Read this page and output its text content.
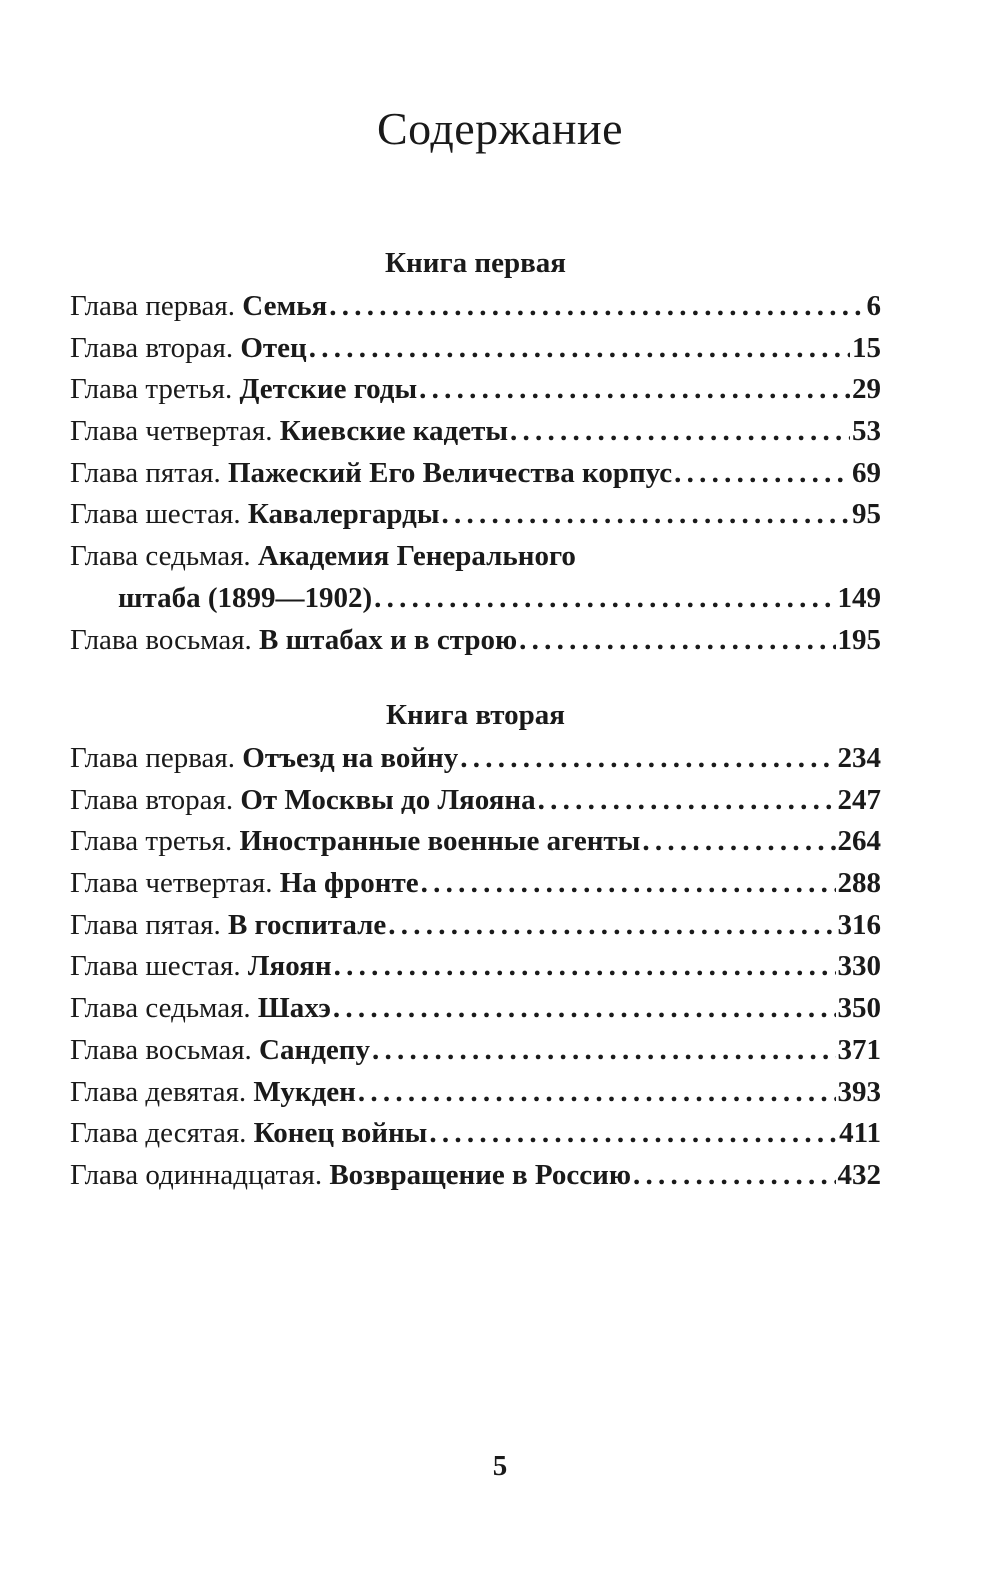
Содержание
Книга первая
Глава первая. Семья . . .	6
Глава вторая. Отец . . .	15
Глава третья. Детские годы . . .	29
Глава четвертая. Киевские кадеты . . .	53
Глава пятая. Пажеский Его Величества корпус . . .	69
Глава шестая. Кавалергарды . . .	95
Глава седьмая. Академия Генерального
штаба (1899—1902) . . .	149
Глава восьмая. В штабах и в строю . . .	195
Книга вторая
Глава первая. Отъезд на войну . . .	234
Глава вторая. От Москвы до Ляояна . . .	247
Глава третья. Иностранные военные агенты . . .	264
Глава четвертая. На фронте . . .	288
Глава пятая. В госпитале . . .	316
Глава шестая. Ляоян . . .	330
Глава седьмая. Шахэ . . .	350
Глава восьмая. Сандепу . . .	371
Глава девятая. Мукден . . .	393
Глава десятая. Конец войны . . .	411
Глава одиннадцатая. Возвращение в Россию . . .	432
5
